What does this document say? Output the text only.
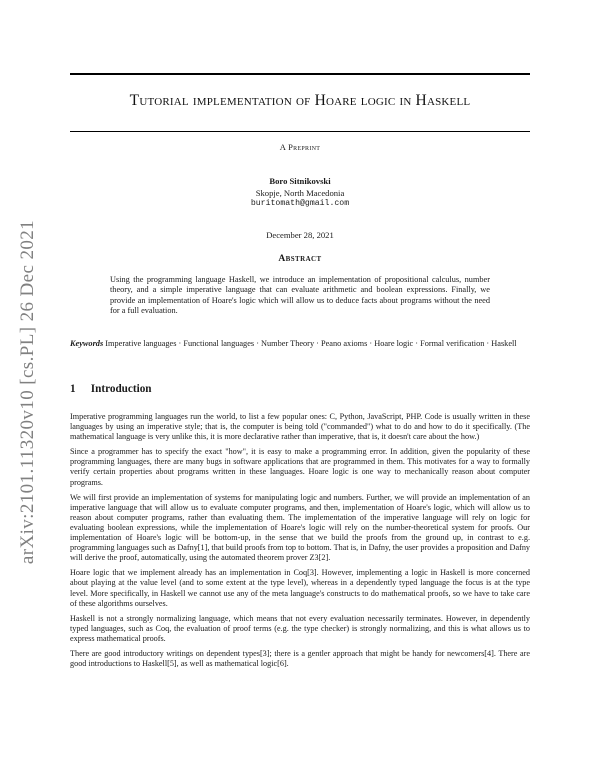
arXiv:2101.11320v10 [cs.PL] 26 Dec 2021
Tutorial implementation of Hoare logic in Haskell
A Preprint
Boro Sitnikovski
Skopje, North Macedonia
buritomath@gmail.com
December 28, 2021
Abstract
Using the programming language Haskell, we introduce an implementation of propositional calculus, number theory, and a simple imperative language that can evaluate arithmetic and boolean expressions. Finally, we provide an implementation of Hoare's logic which will allow us to deduce facts about programs without the need for a full evaluation.
Keywords Imperative languages · Functional languages · Number Theory · Peano axioms · Hoare logic · Formal verification · Haskell
1 Introduction

Imperative programming languages run the world, to list a few popular ones: C, Python, JavaScript, PHP. Code is usually written in these languages by using an imperative style; that is, the computer is being told ("commanded") what to do and how to do it specifically. (The mathematical language is very unlike this, it is more declarative rather than imperative, that is, it doesn't care about the how.)

Since a programmer has to specify the exact "how", it is easy to make a programming error. In addition, given the popularity of these programming languages, there are many bugs in software applications that are programmed in them. This motivates for a way to formally verify certain properties about programs written in these languages. Hoare logic is one way to mechanically reason about computer programs.

We will first provide an implementation of systems for manipulating logic and numbers. Further, we will provide an implementation of an imperative language that will allow us to evaluate computer programs, and then, implementation of Hoare's logic, which will allow us to reason about computer programs, rather than evaluating them. The implementation of the imperative language will rely on logic for evaluating boolean expressions, while the implementation of Hoare's logic will rely on the number-theoretical system for proofs. Our implementation of Hoare's logic will be bottom-up, in the sense that we build the proofs from the ground up, in contrast to e.g. programming languages such as Dafny[1], that build proofs from top to bottom. That is, in Dafny, the user provides a proposition and Dafny will derive the proof, automatically, using the automated theorem prover Z3[2].

Hoare logic that we implement already has an implementation in Coq[3]. However, implementing a logic in Haskell is more concerned about playing at the value level (and to some extent at the type level), whereas in a dependently typed language the focus is at the type level. More specifically, in Haskell we cannot use any of the meta language's constructs to do mathematical proofs, so we have to take care of these algorithms ourselves.

Haskell is not a strongly normalizing language, which means that not every evaluation necessarily terminates. However, in dependently typed languages, such as Coq, the evaluation of proof terms (e.g. the type checker) is strongly normalizing, and this is what allows us to express mathematical proofs.

There are good introductory writings on dependent types[3]; there is a gentler approach that might be handy for newcomers[4]. There are good introductions to Haskell[5], as well as mathematical logic[6].
